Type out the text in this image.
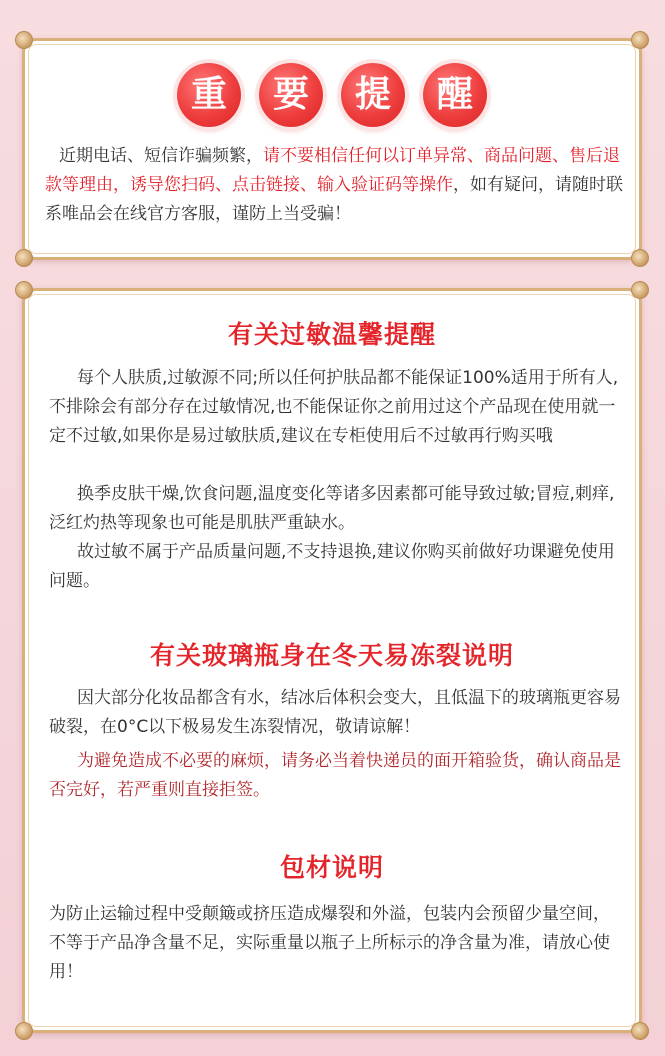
重 要 提 醒

近期电话、短信诈骗频繁，请不要相信任何以订单异常、商品问题、售后退款等理由，诱导您扫码、点击链接、输入验证码等操作，如有疑问，请随时联系唯品会在线官方客服，谨防上当受骗！

有关过敏温馨提醒

每个人肤质,过敏源不同;所以任何护肤品都不能保证100%适用于所有人,不排除会有部分存在过敏情况,也不能保证你之前用过这个产品现在使用就一定不过敏,如果你是易过敏肤质,建议在专柜使用后不过敏再行购买哦

换季皮肤干燥,饮食问题,温度变化等诸多因素都可能导致过敏;冒痘,刺痒,泛红灼热等现象也可能是肌肤严重缺水。

故过敏不属于产品质量问题,不支持退换,建议你购买前做好功课避免使用问题。

有关玻璃瓶身在冬天易冻裂说明

因大部分化妆品都含有水，结冰后体积会变大，且低温下的玻璃瓶更容易破裂，在0°C以下极易发生冻裂情况，敬请谅解！

为避免造成不必要的麻烦，请务必当着快递员的面开箱验货，确认商品是否完好，若严重则直接拒签。

包材说明

为防止运输过程中受颠簸或挤压造成爆裂和外溢，包装内会预留少量空间，不等于产品净含量不足，实际重量以瓶子上所标示的净含量为准，请放心使用！
